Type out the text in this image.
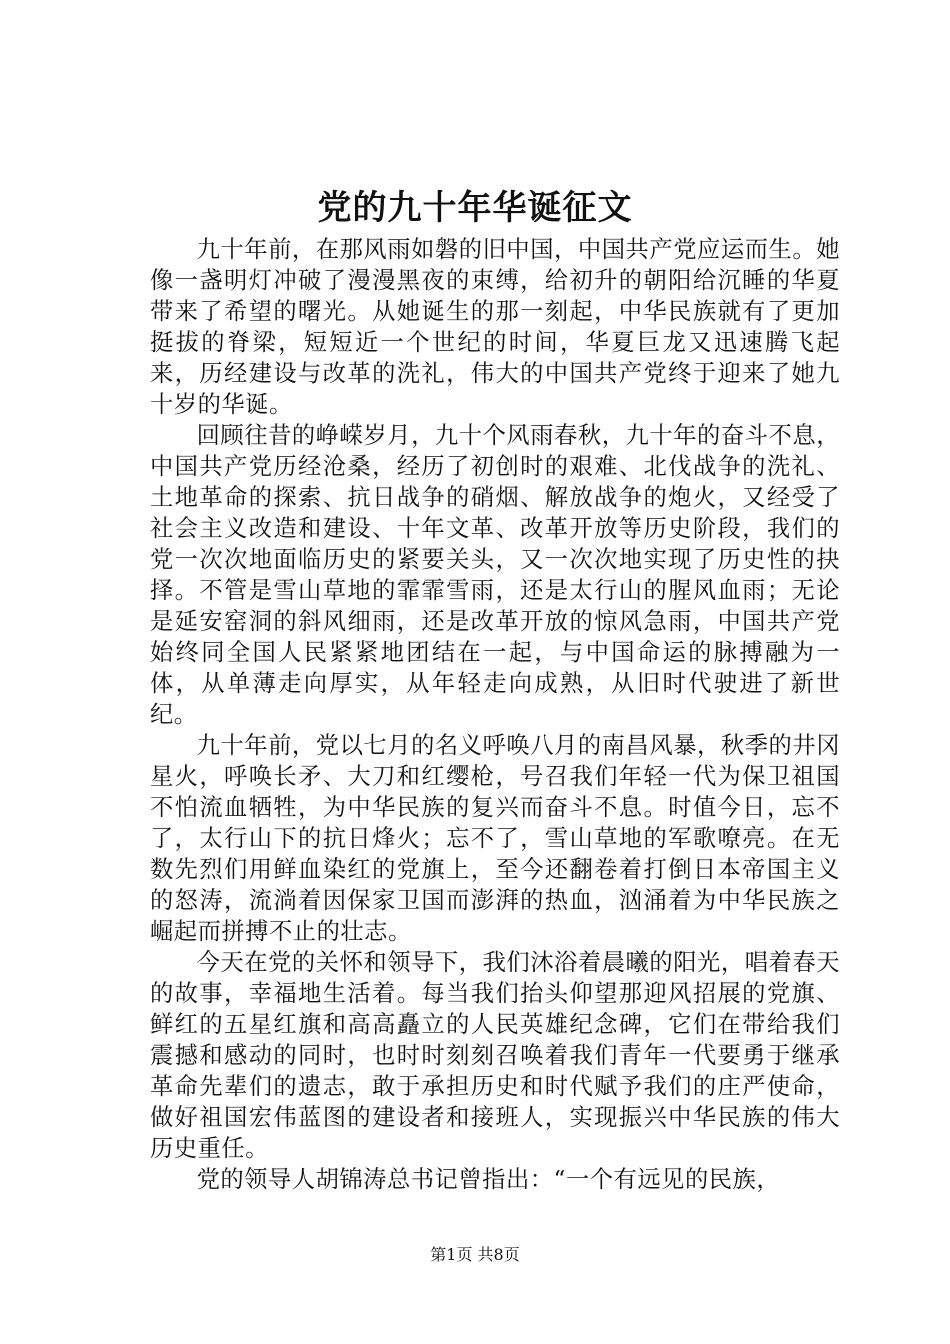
党的九十年华诞征文

九十年前，在那风雨如磐的旧中国，中国共产党应运而生。她像一盏明灯冲破了漫漫黑夜的束缚，给初升的朝阳给沉睡的华夏带来了希望的曙光。从她诞生的那一刻起，中华民族就有了更加挺拔的脊梁，短短近一个世纪的时间，华夏巨龙又迅速腾飞起来，历经建设与改革的洗礼，伟大的中国共产党终于迎来了她九十岁的华诞。

回顾往昔的峥嵘岁月，九十个风雨春秋，九十年的奋斗不息，中国共产党历经沧桑，经历了初创时的艰难、北伐战争的洗礼、土地革命的探索、抗日战争的硝烟、解放战争的炮火，又经受了社会主义改造和建设、十年文革、改革开放等历史阶段，我们的党一次次地面临历史的紧要关头，又一次次地实现了历史性的抉择。不管是雪山草地的霏霏雪雨，还是太行山的腥风血雨；无论是延安窑洞的斜风细雨，还是改革开放的惊风急雨，中国共产党始终同全国人民紧紧地团结在一起，与中国命运的脉搏融为一体，从单薄走向厚实，从年轻走向成熟，从旧时代驶进了新世纪。

九十年前，党以七月的名义呼唤八月的南昌风暴，秋季的井冈星火，呼唤长矛、大刀和红缨枪，号召我们年轻一代为保卫祖国不怕流血牺牲，为中华民族的复兴而奋斗不息。时值今日，忘不了，太行山下的抗日烽火；忘不了，雪山草地的军歌嘹亮。在无数先烈们用鲜血染红的党旗上，至今还翻卷着打倒日本帝国主义的怒涛，流淌着因保家卫国而澎湃的热血，汹涌着为中华民族之崛起而拼搏不止的壮志。

今天在党的关怀和领导下，我们沐浴着晨曦的阳光，唱着春天的故事，幸福地生活着。每当我们抬头仰望那迎风招展的党旗、鲜红的五星红旗和高高矗立的人民英雄纪念碑，它们在带给我们震撼和感动的同时，也时时刻刻召唤着我们青年一代要勇于继承革命先辈们的遗志，敢于承担历史和时代赋予我们的庄严使命，做好祖国宏伟蓝图的建设者和接班人，实现振兴中华民族的伟大历史重任。

党的领导人胡锦涛总书记曾指出：“一个有远见的民族，

第1页 共8页
